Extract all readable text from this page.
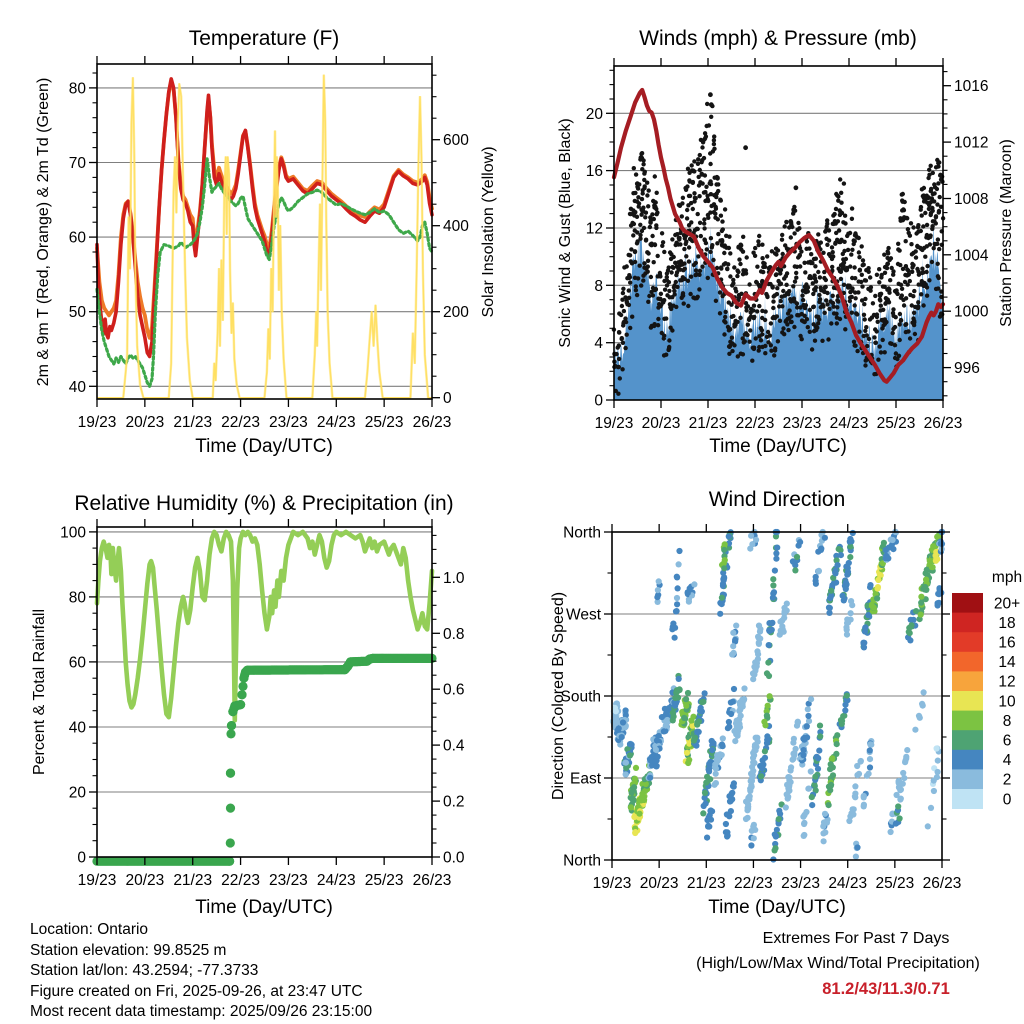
19/23 20/23 21/23 22/23 23/23 24/23 25/23 26/23
40
50
60
70
80
0
200
400
600
19/23 20/23 21/23 22/23 23/23 24/23 25/23 26/23
0
4
8
12
16
20
996
1000
1004
1008
1012
1016
19/23 20/23 21/23 22/23 23/23 24/23 25/23 26/23
0
20
40
60
80
100
0.0
0.2
0.4
0.6
0.8
1.0
19/23 20/23 21/23 22/23 23/23 24/23 25/23 26/23
North
East
South
West
North
20+
18
16
14
12
10
8
6
4
2
0
Temperature (F)	Winds (mph) & Pressure (mb)
Relative Humidity (%) & Precipitation (in)	Wind Direction
Time (Day/UTC)	Time (Day/UTC)
Time (Day/UTC)	Time (Day/UTC)
2m & 9m T (Red, Orange) & 2m Td (Green)	Solar Insolation (Yellow)	Sonic Wind & Gust (Blue, Black)	Station Pressure (Maroon)
Percent & Total Rainfall	Direction (Colored By Speed)
mph
Location: Ontario
Station elevation: 99.8525 m
Station lat/lon: 43.2594; -77.3733
Figure created on Fri, 2025-09-26, at 23:47 UTC
Most recent data timestamp: 2025/09/26 23:15:00
Extremes For Past 7 Days
(High/Low/Max Wind/Total Precipitation)
81.2/43/11.3/0.71
